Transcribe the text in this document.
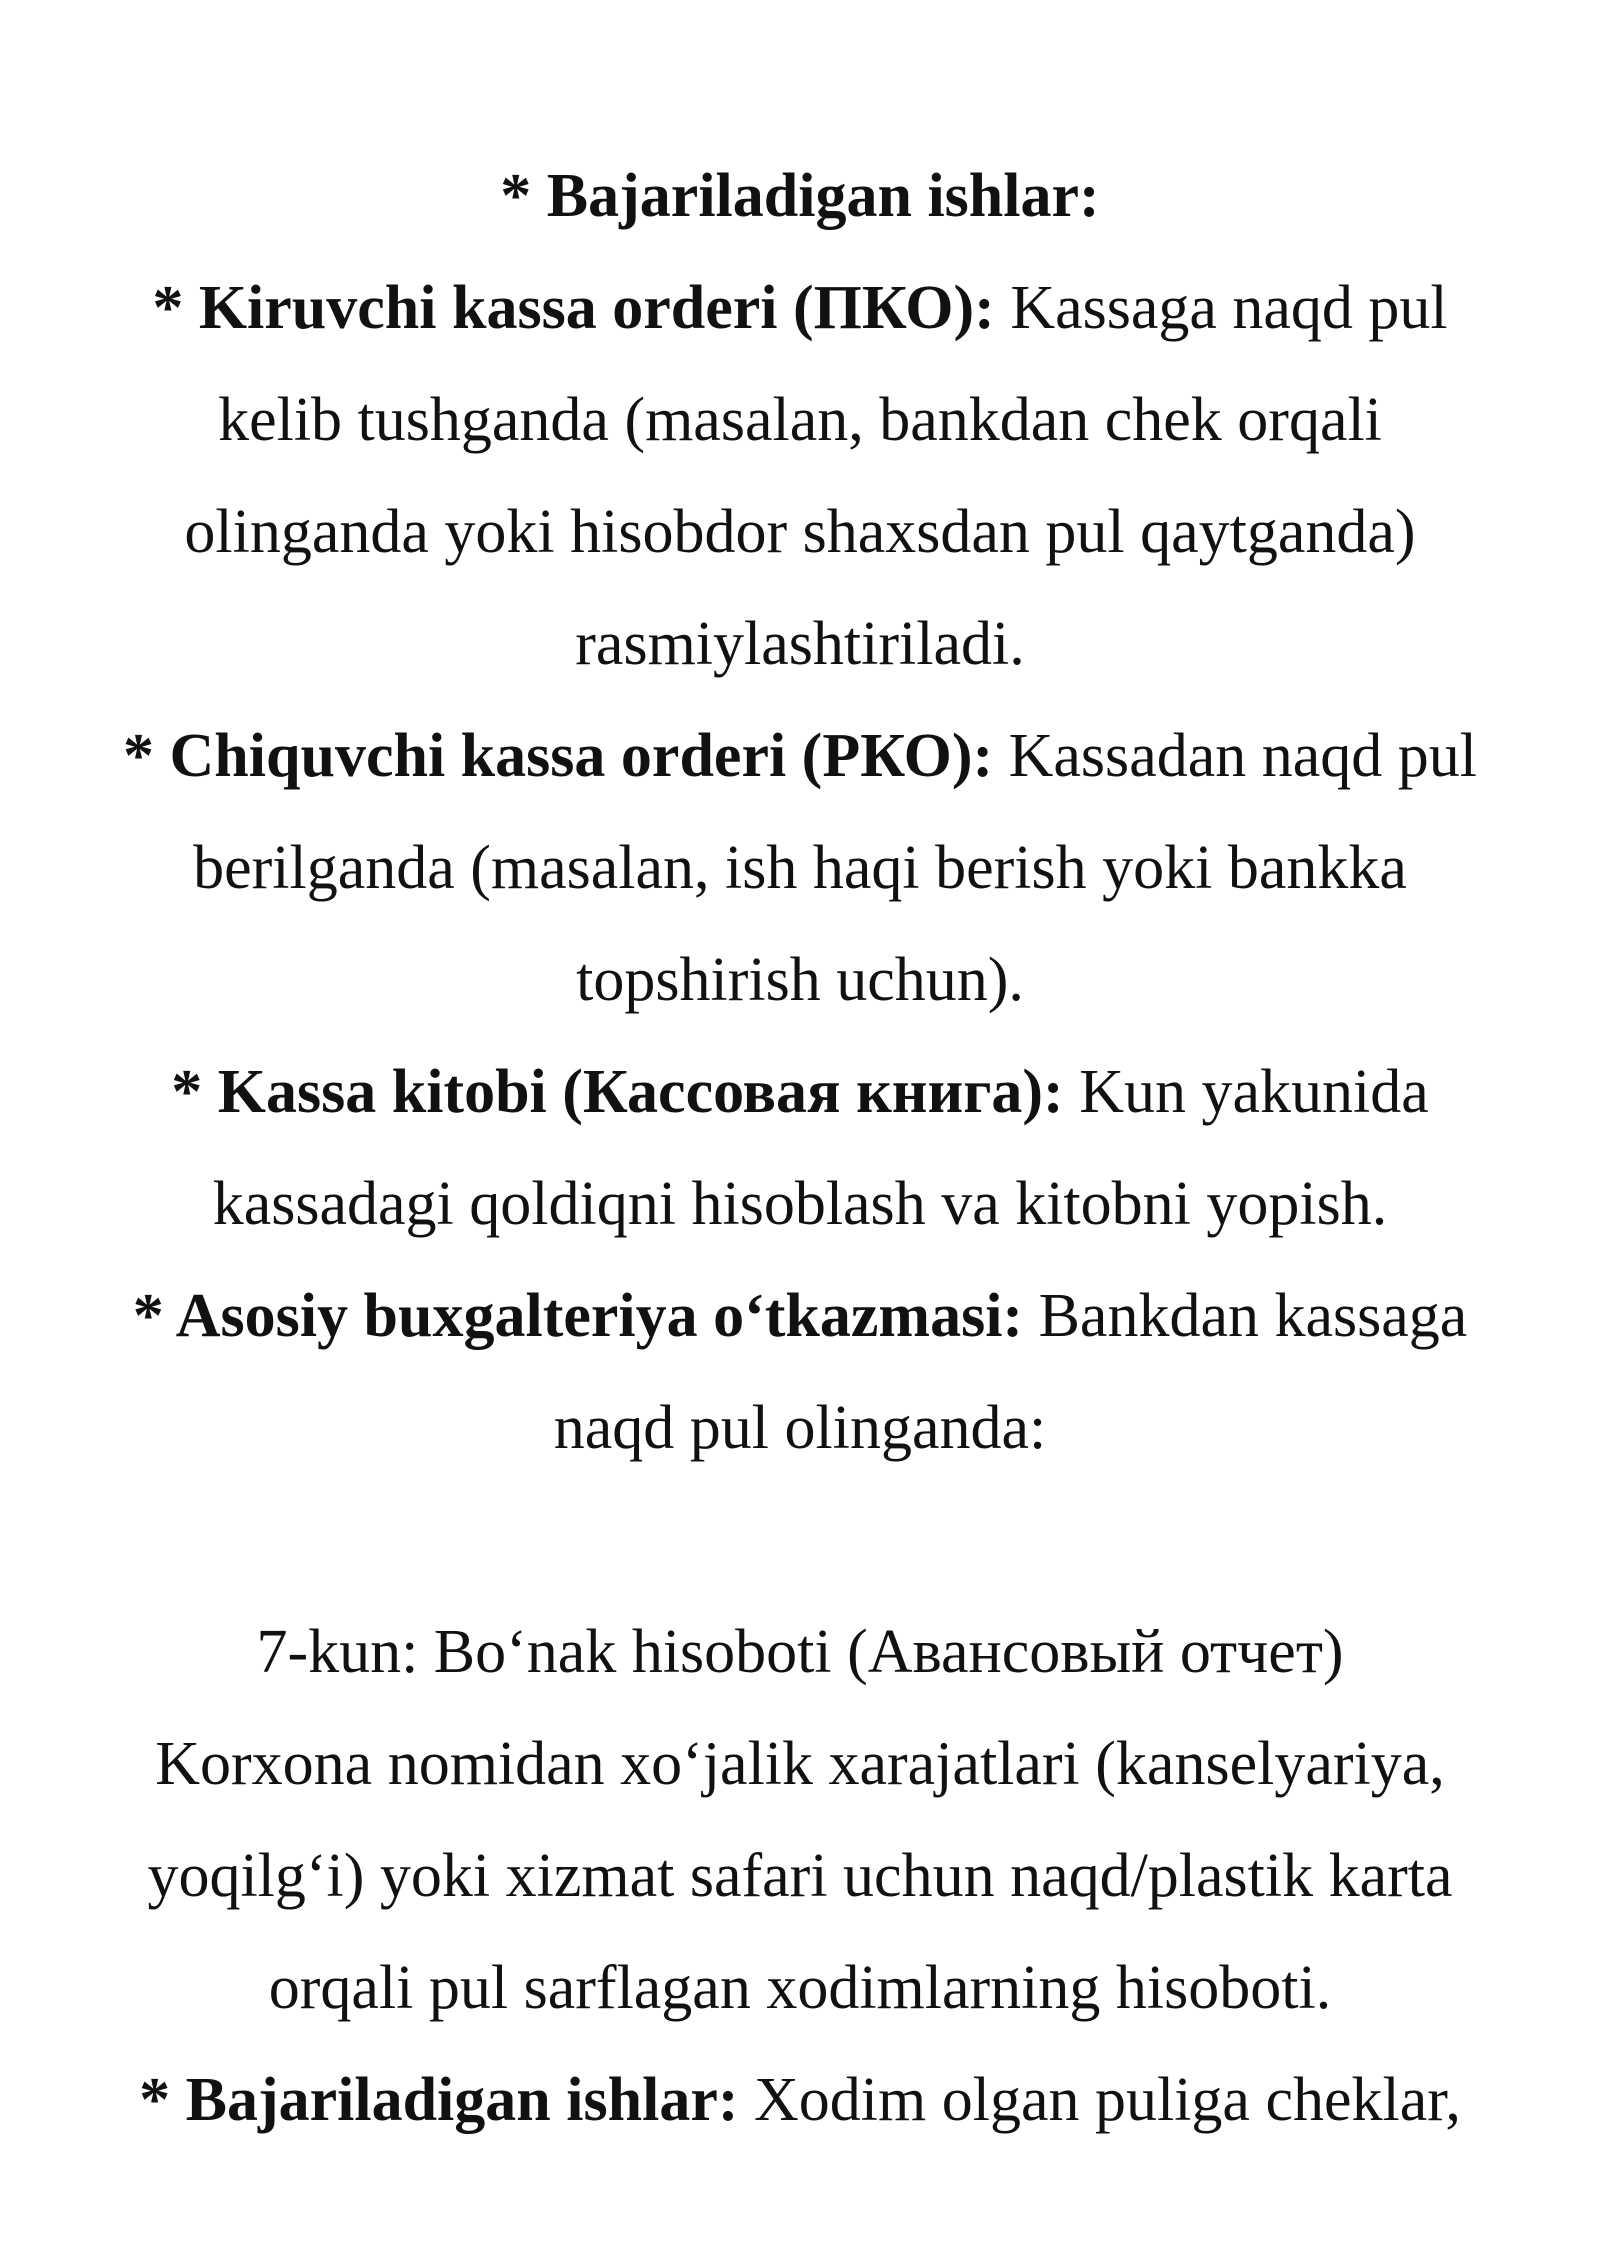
* Bajariladigan ishlar:

* Kiruvchi kassa orderi (ПКО): Kassaga naqd pul kelib tushganda (masalan, bankdan chek orqali olinganda yoki hisobdor shaxsdan pul qaytganda) rasmiylashtiriladi.

* Chiquvchi kassa orderi (РКО): Kassadan naqd pul berilganda (masalan, ish haqi berish yoki bankka topshirish uchun).

* Kassa kitobi (Кассовая книга): Kun yakunida kassadagi qoldiqni hisoblash va kitobni yopish.

* Asosiy buxgalteriya o‘tkazmasi: Bankdan kassaga naqd pul olinganda:

7-kun: Bo‘nak hisoboti (Авансовый отчет)

Korxona nomidan xo‘jalik xarajatlari (kanselyariya, yoqilg‘i) yoki xizmat safari uchun naqd/plastik karta orqali pul sarflagan xodimlarning hisoboti.

* Bajariladigan ishlar: Xodim olgan puliga cheklar,
